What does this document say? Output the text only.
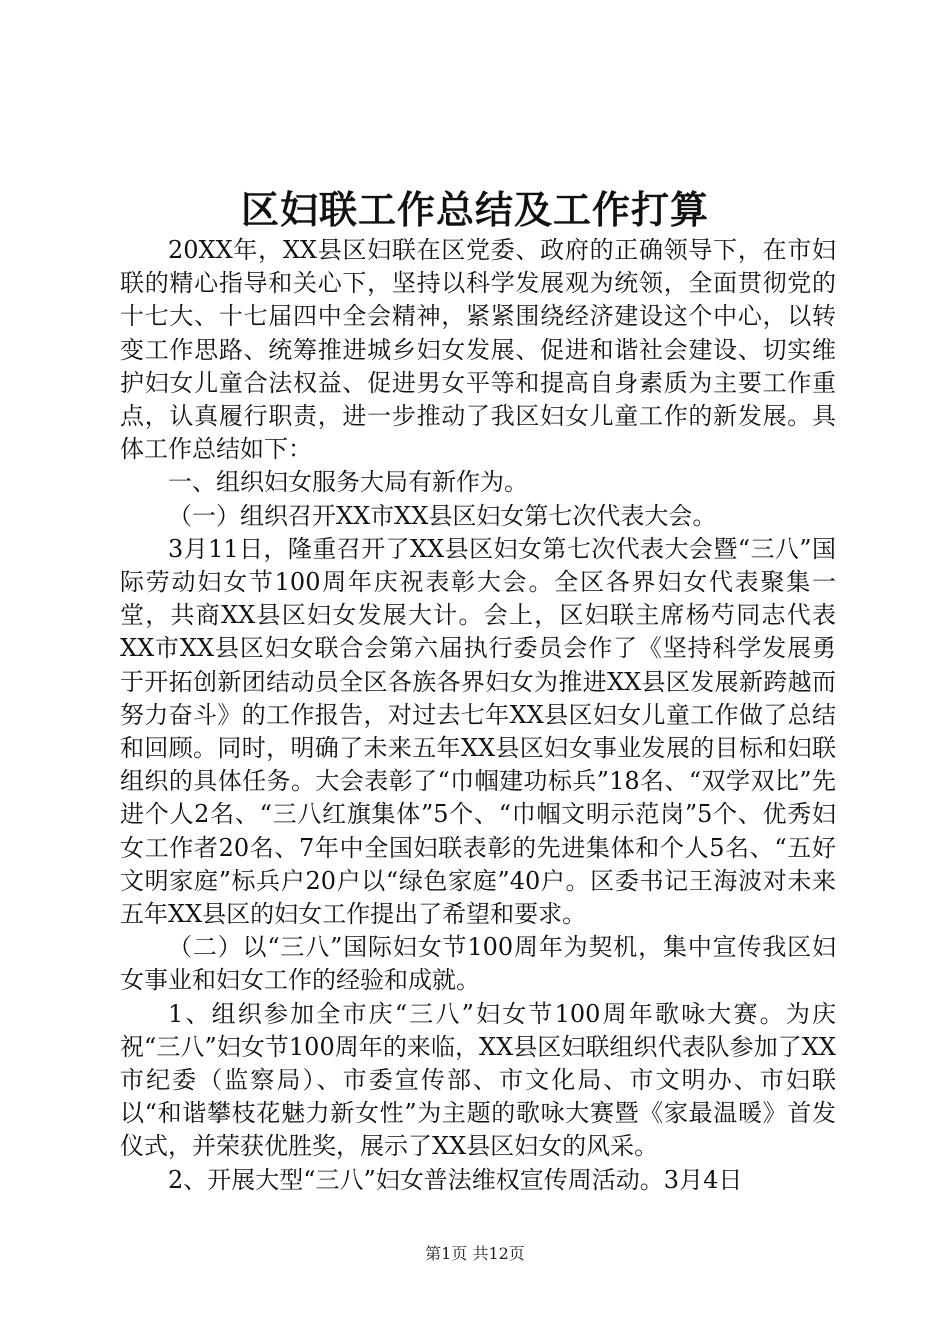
区妇联工作总结及工作打算

20XX年，XX县区妇联在区党委、政府的正确领导下，在市妇联的精心指导和关心下，坚持以科学发展观为统领，全面贯彻党的十七大、十七届四中全会精神，紧紧围绕经济建设这个中心，以转变工作思路、统筹推进城乡妇女发展、促进和谐社会建设、切实维护妇女儿童合法权益、促进男女平等和提高自身素质为主要工作重点，认真履行职责，进一步推动了我区妇女儿童工作的新发展。具体工作总结如下：

一、组织妇女服务大局有新作为。

（一）组织召开XX市XX县区妇女第七次代表大会。

3月11日，隆重召开了XX县区妇女第七次代表大会暨“三八”国际劳动妇女节100周年庆祝表彰大会。全区各界妇女代表聚集一堂，共商XX县区妇女发展大计。会上，区妇联主席杨芍同志代表XX市XX县区妇女联合会第六届执行委员会作了《坚持科学发展勇于开拓创新团结动员全区各族各界妇女为推进XX县区发展新跨越而努力奋斗》的工作报告，对过去七年XX县区妇女儿童工作做了总结和回顾。同时，明确了未来五年XX县区妇女事业发展的目标和妇联组织的具体任务。大会表彰了“巾帼建功标兵”18名、“双学双比”先进个人2名、“三八红旗集体”5个、“巾帼文明示范岗”5个、优秀妇女工作者20名、7年中全国妇联表彰的先进集体和个人5名、“五好文明家庭”标兵户20户以“绿色家庭”40户。区委书记王海波对未来五年XX县区的妇女工作提出了希望和要求。

（二）以“三八”国际妇女节100周年为契机，集中宣传我区妇女事业和妇女工作的经验和成就。

1、组织参加全市庆“三八”妇女节100周年歌咏大赛。为庆祝“三八”妇女节100周年的来临，XX县区妇联组织代表队参加了XX市纪委（监察局）、市委宣传部、市文化局、市文明办、市妇联以“和谐攀枝花魅力新女性”为主题的歌咏大赛暨《家最温暖》首发仪式，并荣获优胜奖，展示了XX县区妇女的风采。

2、开展大型“三八”妇女普法维权宣传周活动。3月4日

第1页 共12页
